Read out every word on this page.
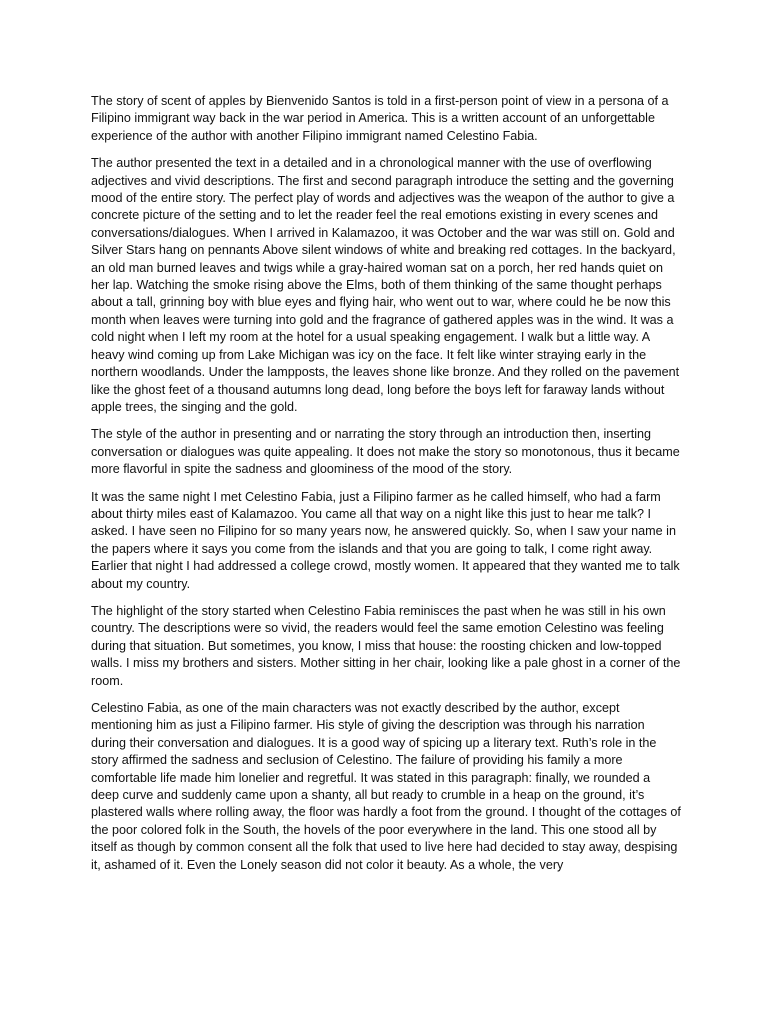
The story of scent of apples by Bienvenido Santos is told in a first-person point of view in a persona of a Filipino immigrant way back in the war period in America. This is a written account of an unforgettable experience of the author with another Filipino immigrant named Celestino Fabia.

The author presented the text in a detailed and in a chronological manner with the use of overflowing adjectives and vivid descriptions. The first and second paragraph introduce the setting and the governing mood of the entire story. The perfect play of words and adjectives was the weapon of the author to give a concrete picture of the setting and to let the reader feel the real emotions existing in every scenes and conversations/dialogues. When I arrived in Kalamazoo, it was October and the war was still on. Gold and Silver Stars hang on pennants Above silent windows of white and breaking red cottages. In the backyard, an old man burned leaves and twigs while a gray-haired woman sat on a porch, her red hands quiet on her lap. Watching the smoke rising above the Elms, both of them thinking of the same thought perhaps about a tall, grinning boy with blue eyes and flying hair, who went out to war, where could he be now this month when leaves were turning into gold and the fragrance of gathered apples was in the wind. It was a cold night when I left my room at the hotel for a usual speaking engagement. I walk but a little way. A heavy wind coming up from Lake Michigan was icy on the face. It felt like winter straying early in the northern woodlands. Under the lampposts, the leaves shone like bronze. And they rolled on the pavement like the ghost feet of a thousand autumns long dead, long before the boys left for faraway lands without apple trees, the singing and the gold.

The style of the author in presenting and or narrating the story through an introduction then, inserting conversation or dialogues was quite appealing. It does not make the story so monotonous, thus it became more flavorful in spite the sadness and gloominess of the mood of the story.

It was the same night I met Celestino Fabia, just a Filipino farmer as he called himself, who had a farm about thirty miles east of Kalamazoo. You came all that way on a night like this just to hear me talk? I asked. I have seen no Filipino for so many years now, he answered quickly. So, when I saw your name in the papers where it says you come from the islands and that you are going to talk, I come right away. Earlier that night I had addressed a college crowd, mostly women. It appeared that they wanted me to talk about my country.

The highlight of the story started when Celestino Fabia reminisces the past when he was still in his own country. The descriptions were so vivid, the readers would feel the same emotion Celestino was feeling during that situation. But sometimes, you know, I miss that house: the roosting chicken and low-topped walls. I miss my brothers and sisters. Mother sitting in her chair, looking like a pale ghost in a corner of the room.

Celestino Fabia, as one of the main characters was not exactly described by the author, except mentioning him as just a Filipino farmer. His style of giving the description was through his narration during their conversation and dialogues. It is a good way of spicing up a literary text. Ruth’s role in the story affirmed the sadness and seclusion of Celestino. The failure of providing his family a more comfortable life made him lonelier and regretful. It was stated in this paragraph: finally, we rounded a deep curve and suddenly came upon a shanty, all but ready to crumble in a heap on the ground, it’s plastered walls where rolling away, the floor was hardly a foot from the ground. I thought of the cottages of the poor colored folk in the South, the hovels of the poor everywhere in the land. This one stood all by itself as though by common consent all the folk that used to live here had decided to stay away, despising it, ashamed of it. Even the Lonely season did not color it beauty. As a whole, the very
